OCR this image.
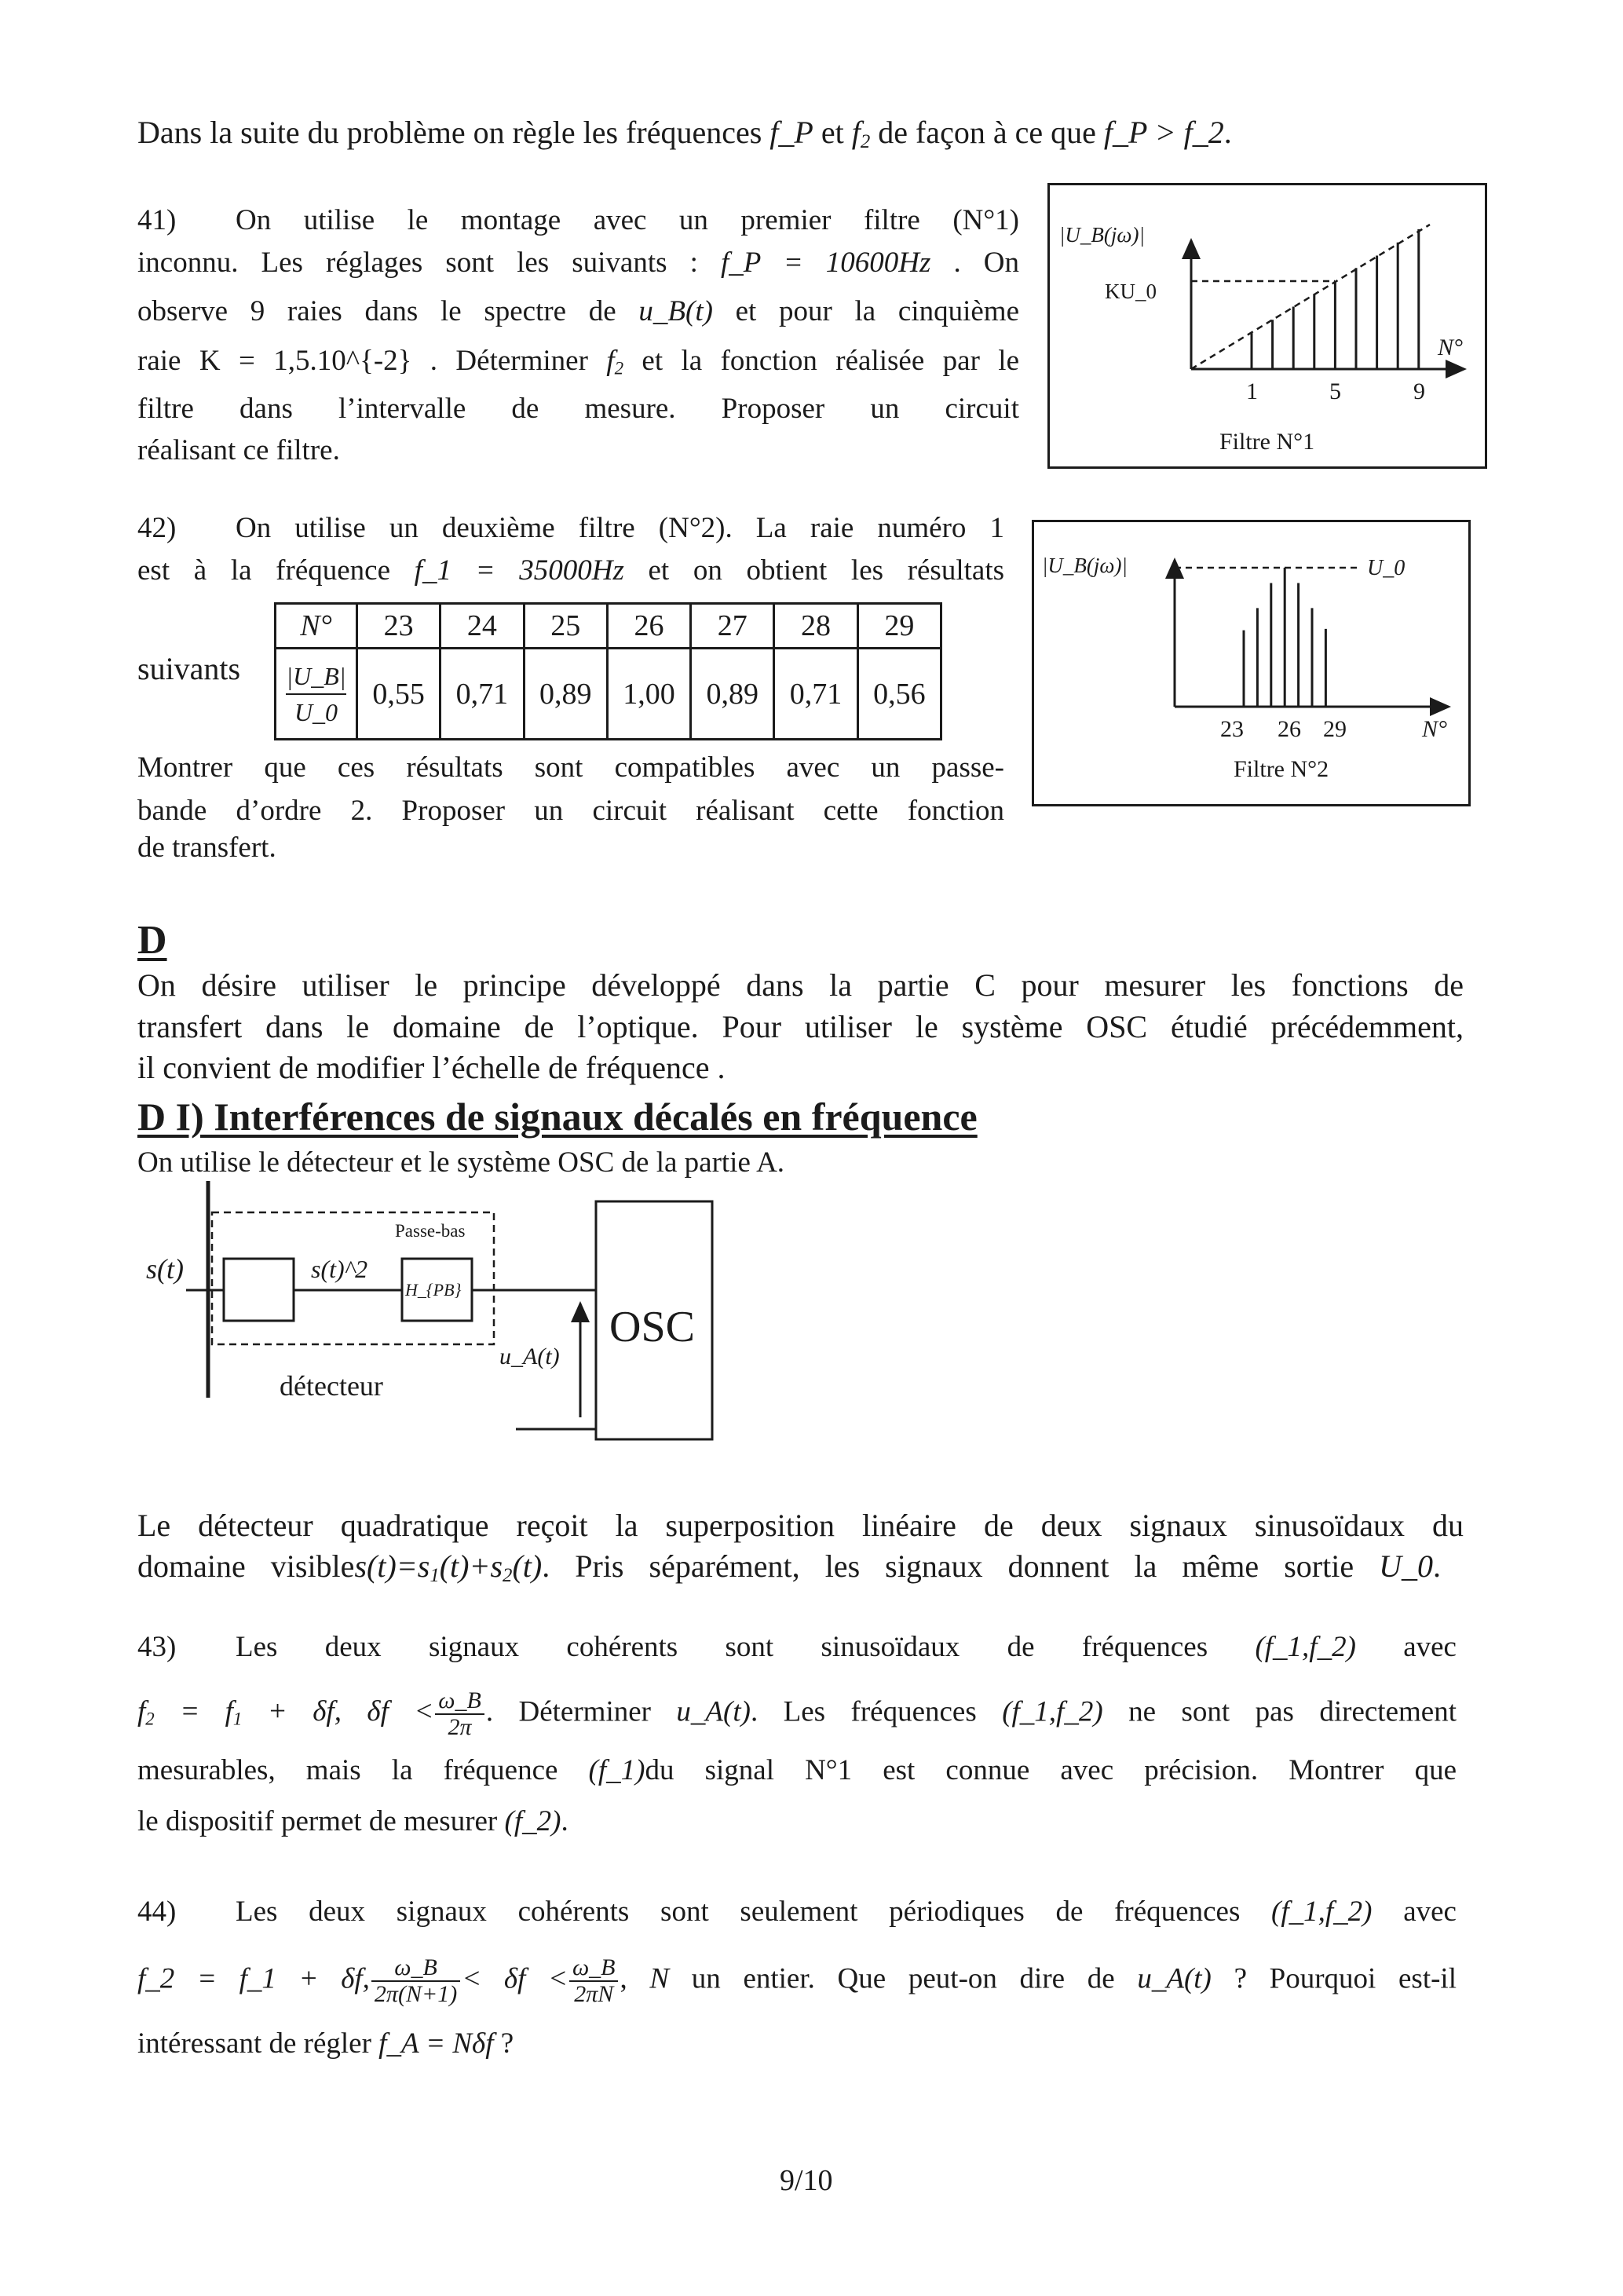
Dans la suite du problème on règle les fréquences f_P et $f_2$ de façon à ce que f_P > f_2.
41) On utilise le montage avec un premier filtre (N°1)
inconnu. Les réglages sont les suivants : f_P = 10600Hz . On
observe 9 raies dans le spectre de u_B(t) et pour la cinquième
raie K = 1,5.10^{-2} . Déterminer $f_2$ et la fonction réalisée par le
filtre dans l’intervalle de mesure. Proposer un circuit
réalisant ce filtre.
|U_B(jω)|
KU_0
N°
1	5	9
Filtre N°1
42) On utilise un deuxième filtre (N°2). La raie numéro 1
est à la fréquence f_1 = 35000Hz et on obtient les résultats
suivants
N°	23	24	25	26	27	28	29

$\frac{|U\_B|}{U\_0}$	0,55	0,71	0,89	1,00	0,89	0,71	0,56
Montrer que ces résultats sont compatibles avec un passe-
bande d’ordre 2. Proposer un circuit réalisant cette fonction
de transfert.
|U_B(jω)|	U_0
N°
23 26 29
Filtre N°2
D
On désire utiliser le principe développé dans la partie C pour mesurer les fonctions de
transfert dans le domaine de l’optique. Pour utiliser le système OSC étudié précédemment,
il convient de modifier l’échelle de fréquence .
D I) Interférences de signaux décalés en fréquence
On utilise le détecteur et le système OSC de la partie A.
s(t)	s(t)^2
Passe-bas
H_{PB}
u_A(t)
OSC
détecteur
Le détecteur quadratique reçoit la superposition linéaire de deux signaux sinusoïdaux du
domaine $visibles(t)=s_1(t)+s_2(t)$. Pris séparément, les signaux donnent la même sortie U_0.
43) Les deux signaux cohérents sont sinusoïdaux de fréquences (f_1,f_2) avec
$f_2 = f_1 + \delta f$, $\delta f < \frac{\omega\_B}{2\pi}$ . Déterminer u_A(t). Les fréquences (f_1,f_2) ne sont pas directement
mesurables, mais la fréquence (f_1)du signal N°1 est connue avec précision. Montrer que
le dispositif permet de mesurer (f_2).
44) Les deux signaux cohérents sont seulement périodiques de fréquences (f_1,f_2) avec
f_2 = f_1 + δf, $\frac{\omega\_B}{2\pi(N+1)} < \delta f < \frac{\omega\_B}{2\pi N}$ , N un entier. Que peut-on dire de u_A(t) ? Pourquoi est-il
intéressant de régler f_A = Nδf ?
9/10
